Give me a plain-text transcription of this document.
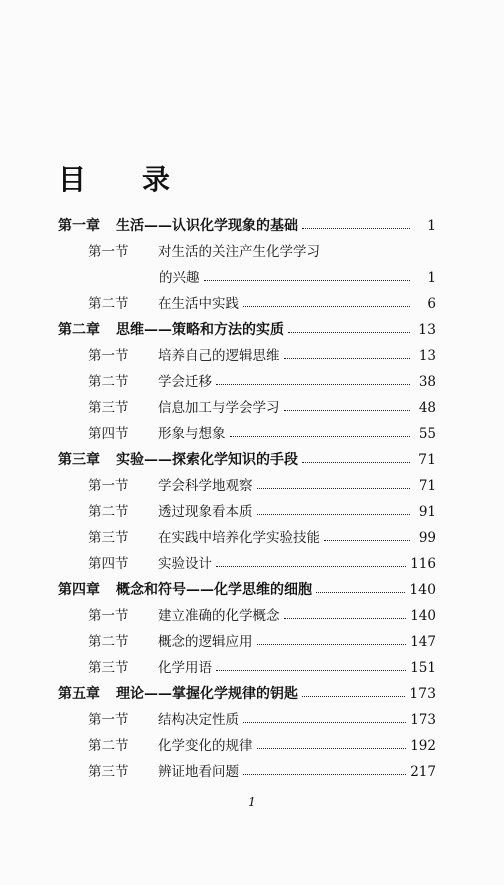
目录
第一章	生活——认识化学现象的基础	1
第一节	对生活的关注产生化学学习
的兴趣	1
第二节	在生活中实践	6
第二章	思维——策略和方法的实质	13
第一节	培养自己的逻辑思维	13
第二节	学会迁移	38
第三节	信息加工与学会学习	48
第四节	形象与想象	55
第三章	实验——探索化学知识的手段	71
第一节	学会科学地观察	71
第二节	透过现象看本质	91
第三节	在实践中培养化学实验技能	99
第四节	实验设计	116
第四章	概念和符号——化学思维的细胞	140
第一节	建立准确的化学概念	140
第二节	概念的逻辑应用	147
第三节	化学用语	151
第五章	理论——掌握化学规律的钥匙	173
第一节	结构决定性质	173
第二节	化学变化的规律	192
第三节	辨证地看问题	217
1
